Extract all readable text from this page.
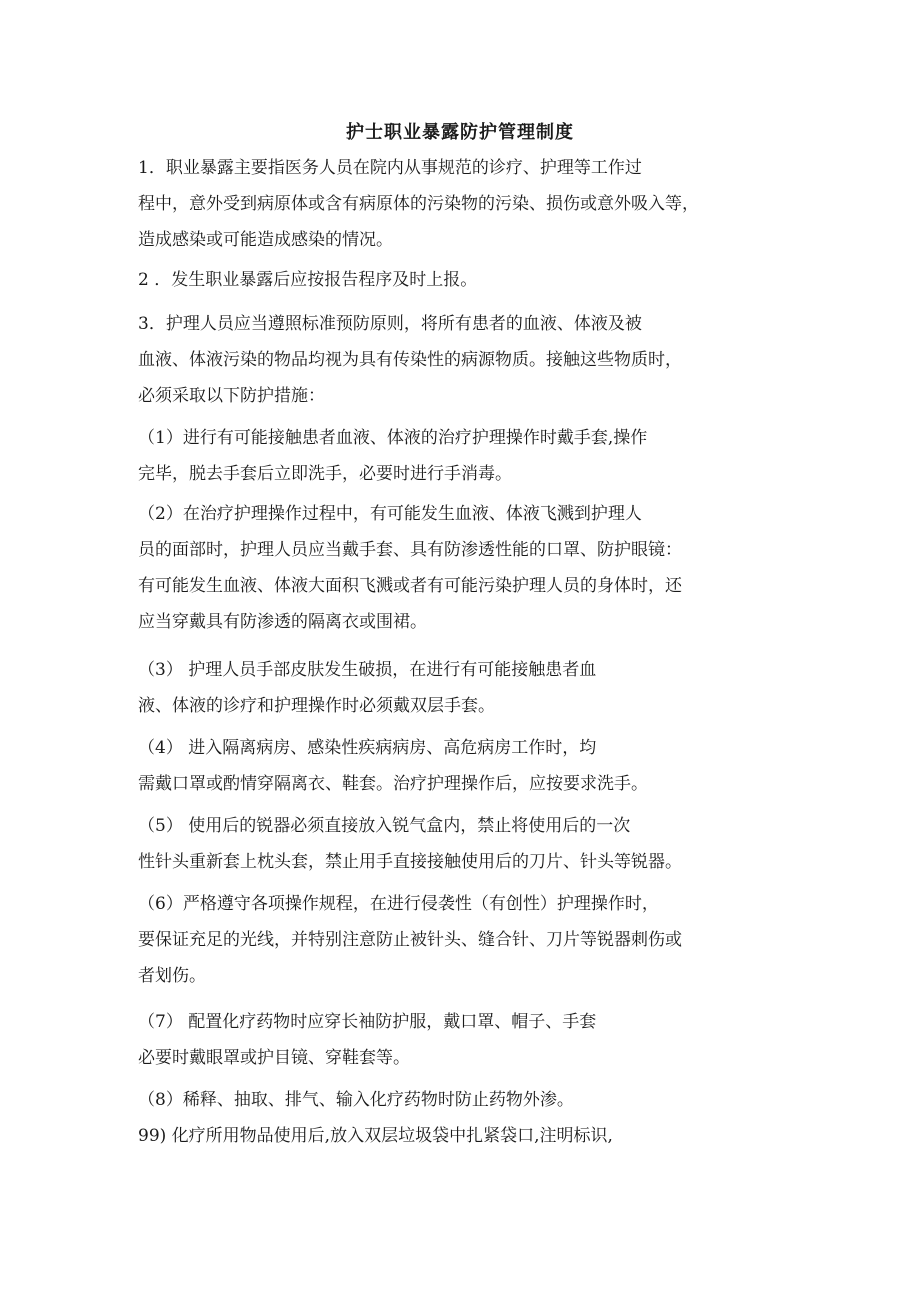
护士职业暴露防护管理制度
1．职业暴露主要指医务人员在院内从事规范的诊疗、护理等工作过
程中，意外受到病原体或含有病原体的污染物的污染、损伤或意外吸入等，
造成感染或可能造成感染的情况。
2 ．发生职业暴露后应按报告程序及时上报。
3．护理人员应当遵照标准预防原则，将所有患者的血液、体液及被
血液、体液污染的物品均视为具有传染性的病源物质。接触这些物质时，
必须采取以下防护措施：
（1）进行有可能接触患者血液、体液的治疗护理操作时戴手套,操作
完毕，脱去手套后立即洗手，必要时进行手消毒。
（2）在治疗护理操作过程中，有可能发生血液、体液飞溅到护理人
员的面部时，护理人员应当戴手套、具有防渗透性能的口罩、防护眼镜：
有可能发生血液、体液大面积飞溅或者有可能污染护理人员的身体时，还
应当穿戴具有防渗透的隔离衣或围裙。
（3） 护理人员手部皮肤发生破损，在进行有可能接触患者血
液、体液的诊疗和护理操作时必须戴双层手套。
（4） 进入隔离病房、感染性疾病病房、高危病房工作时，均
需戴口罩或酌情穿隔离衣、鞋套。治疗护理操作后，应按要求洗手。
（5） 使用后的锐器必须直接放入锐气盒内，禁止将使用后的一次
性针头重新套上枕头套，禁止用手直接接触使用后的刀片、针头等锐器。
（6）严格遵守各项操作规程，在进行侵袭性（有创性）护理操作时，
要保证充足的光线，并特别注意防止被针头、缝合针、刀片等锐器刺伤或
者划伤。
（7） 配置化疗药物时应穿长袖防护服，戴口罩、帽子、手套
必要时戴眼罩或护目镜、穿鞋套等。
（8）稀释、抽取、排气、输入化疗药物时防止药物外渗。
99) 化疗所用物品使用后,放入双层垃圾袋中扎紧袋口,注明标识,
